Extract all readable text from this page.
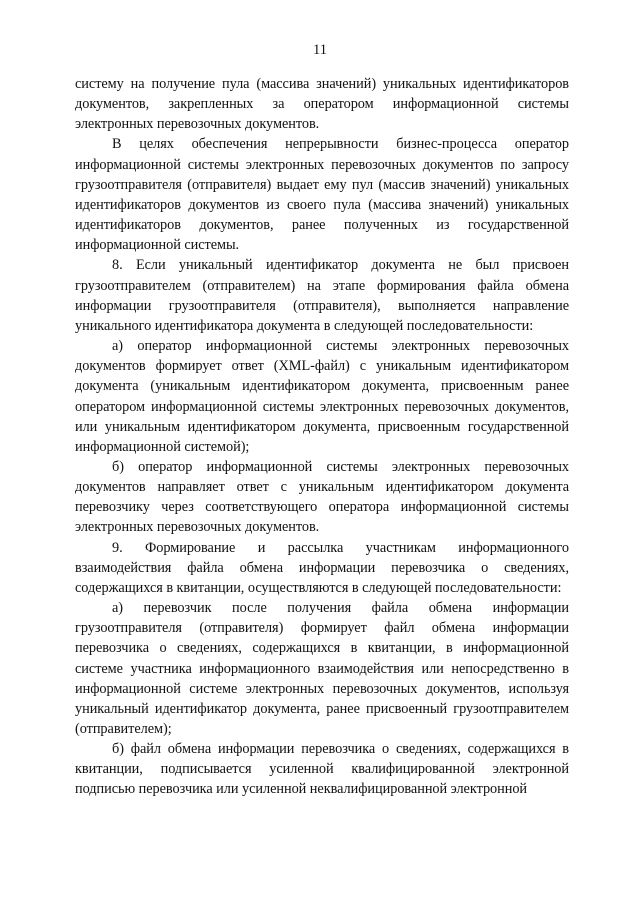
11

системy на получение пула (массива значений) уникальных идентификаторов документов, закрепленных за оператором информационной системы электронных перевозочных документов.

В целях обеспечения непрерывности бизнес-процесса оператор информационной системы электронных перевозочных документов по запросу грузоотправителя (отправителя) выдает ему пул (массив значений) уникальных идентификаторов документов из своего пула (массива значений) уникальных идентификаторов документов, ранее полученных из государственной информационной системы.

8. Если уникальный идентификатор документа не был присвоен грузоотправителем (отправителем) на этапе формирования файла обмена информации грузоотправителя (отправителя), выполняется направление уникального идентификатора документа в следующей последовательности:

а) оператор информационной системы электронных перевозочных документов формирует ответ (XML-файл) с уникальным идентификатором документа (уникальным идентификатором документа, присвоенным ранее оператором информационной системы электронных перевозочных документов, или уникальным идентификатором документа, присвоенным государственной информационной системой);

б) оператор информационной системы электронных перевозочных документов направляет ответ с уникальным идентификатором документа перевозчику через соответствующего оператора информационной системы электронных перевозочных документов.

9. Формирование и рассылка участникам информационного взаимодействия файла обмена информации перевозчика о сведениях, содержащихся в квитанции, осуществляются в следующей последовательности:

а) перевозчик после получения файла обмена информации грузоотправителя (отправителя) формирует файл обмена информации перевозчика о сведениях, содержащихся в квитанции, в информационной системе участника информационного взаимодействия или непосредственно в информационной системе электронных перевозочных документов, используя уникальный идентификатор документа, ранее присвоенный грузоотправителем (отправителем);

б) файл обмена информации перевозчика о сведениях, содержащихся в квитанции, подписывается усиленной квалифицированной электронной подписью перевозчика или усиленной неквалифицированной электронной
